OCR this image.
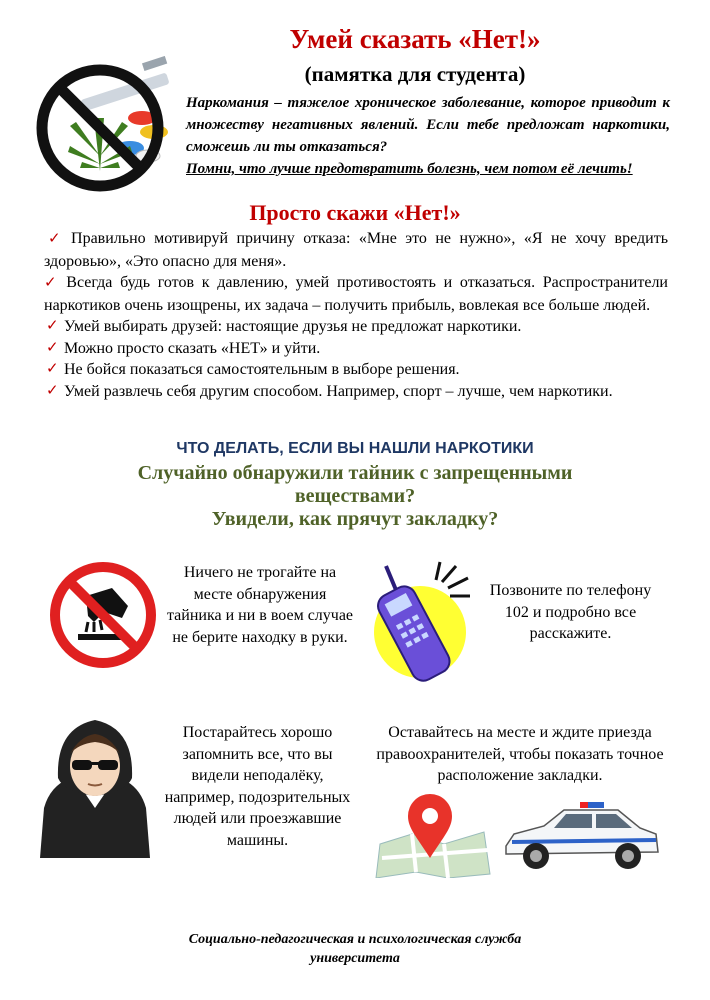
Умей сказать «Нет!»
(памятка для студента)
Наркомания – тяжелое хроническое заболевание, которое приводит к множеству негативных явлений. Если тебе предложат наркотики, сможешь ли ты отказаться?
Помни, что лучше предотвратить болезнь, чем потом её лечить!
Просто скажи «Нет!»

✓ Правильно мотивируй причину отказа: «Мне это не нужно», «Я не хочу вредить здоровью», «Это опасно для меня».

✓ Всегда будь готов к давлению, умей противостоять и отказаться. Распространители наркотиков очень изощрены, их задача – получить прибыль, вовлекая все больше людей.

✓ Умей выбирать друзей: настоящие друзья не предложат наркотики.

✓ Можно просто сказать «НЕТ» и уйти.

✓ Не бойся показаться самостоятельным в выборе решения.

✓ Умей развлечь себя другим способом. Например, спорт – лучше, чем наркотики.

ЧТО ДЕЛАТЬ, ЕСЛИ ВЫ НАШЛИ НАРКОТИКИ
Случайно обнаружили тайник с запрещенными веществами?
Увидели, как прячут закладку?
Ничего не трогайте на месте обнаружения тайника и ни в воем случае не берите находку в руки.
Позвоните по телефону 102 и подробно все расскажите.
Постарайтесь хорошо запомнить все, что вы видели неподалёку, например, подозрительных людей или проезжавшие машины.
Оставайтесь на месте и ждите приезда правоохранителей, чтобы показать точное расположение закладки.
Социально-педагогическая и психологическая служба
университета
